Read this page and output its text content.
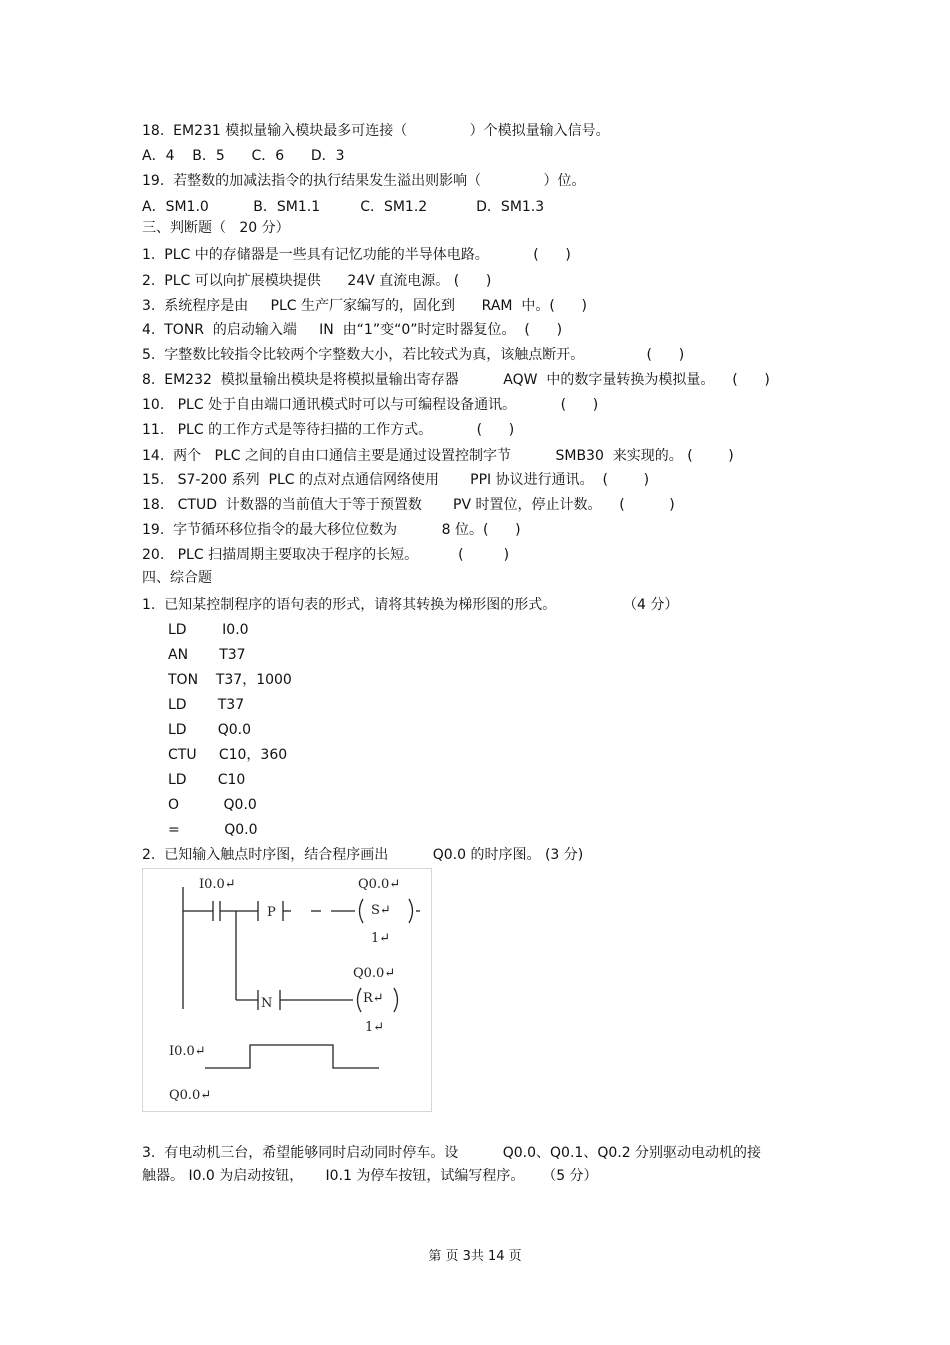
18.  EM231 模拟量输入模块最多可连接（              ）个模拟量输入信号。
A．4    B．5      C．6      D．3
19.  若整数的加减法指令的执行结果发生溢出则影响（              ）位。
A．SM1.0          B．SM1.1         C．SM1.2           D．SM1.3
三、判断题（   20 分）
1.  PLC 中的存储器是一些具有记忆功能的半导体电路。          (      )
2.  PLC 可以向扩展模块提供      24V 直流电源。 (      )
3.  系统程序是由     PLC 生产厂家编写的，固化到      RAM  中。(      )
4.  TONR  的启动输入端     IN  由“1”变“0”时定时器复位。  (      )
5.  字整数比较指令比较两个字整数大小，若比较式为真，该触点断开。              (      )
8.  EM232  模拟量输出模块是将模拟量输出寄存器          AQW  中的数字量转换为模拟量。    (      )
10.   PLC 处于自由端口通讯模式时可以与可编程设备通讯。          (      )
11.   PLC 的工作方式是等待扫描的工作方式。          (      )
14.  两个   PLC 之间的自由口通信主要是通过设置控制字节          SMB30  来实现的。 (        )
15.   S7-200 系列  PLC 的点对点通信网络使用       PPI 协议进行通讯。  (        )
18.   CTUD  计数器的当前值大于等于预置数       PV 时置位，停止计数。    (          )
19.  字节循环移位指令的最大移位位数为          8 位。(      )
20.   PLC 扫描周期主要取决于程序的长短。         (         )
四、综合题
1.  已知某控制程序的语句表的形式，请将其转换为梯形图的形式。               （4 分）
LD        I0.0
AN       T37
TON    T37，1000
LD       T37
LD       Q0.0
CTU     C10，360
LD       C10
O          Q0.0
=          Q0.0
2.  已知输入触点时序图，结合程序画出          Q0.0 的时序图。 (3 分)
I0.0↵	Q0.0↵
P	S↵
1↵
Q0.0↵
N	R↵
1↵
I0.0↵
Q0.0↵
3.  有电动机三台，希望能够同时启动同时停车。设          Q0.0、Q0.1、Q0.2 分别驱动电动机的接
触器。 I0.0 为启动按钮，     I0.1 为停车按钮，试编写程序。    （5 分）
第 页 3共 14 页
